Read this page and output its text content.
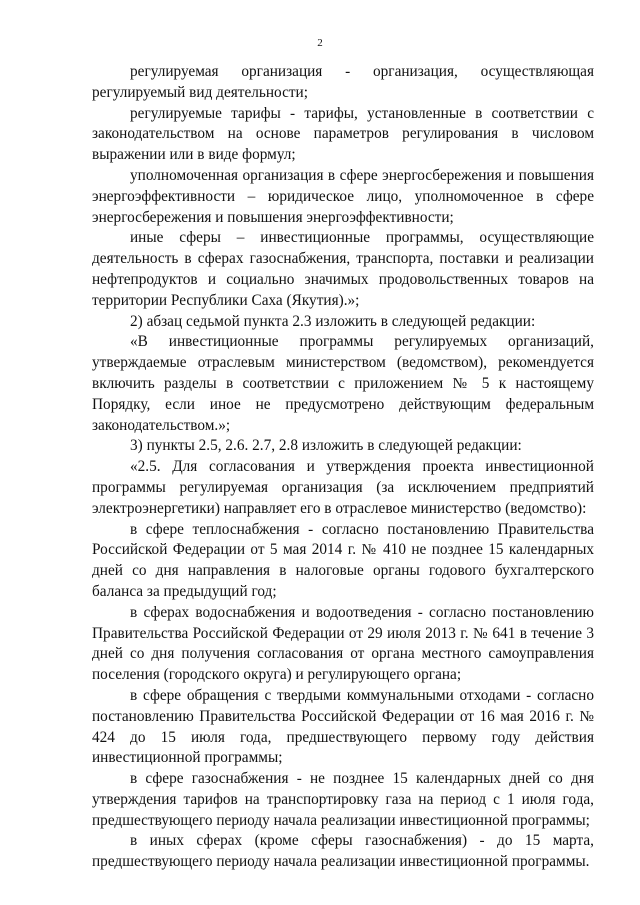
2

регулируемая организация - организация, осуществляющая регулируемый вид деятельности;

регулируемые тарифы - тарифы, установленные в соответствии с законодательством на основе параметров регулирования в числовом выражении или в виде формул;

уполномоченная организация в сфере энергосбережения и повышения энергоэффективности – юридическое лицо, уполномоченное в сфере энергосбережения и повышения энергоэффективности;

иные сферы – инвестиционные программы, осуществляющие деятельность в сферах газоснабжения, транспорта, поставки и реализации нефтепродуктов и социально значимых продовольственных товаров на территории Республики Саха (Якутия).»;

2) абзац седьмой пункта 2.3 изложить в следующей редакции:

«В инвестиционные программы регулируемых организаций, утверждаемые отраслевым министерством (ведомством), рекомендуется включить разделы в соответствии с приложением № 5 к настоящему Порядку, если иное не предусмотрено действующим федеральным законодательством.»;

3) пункты 2.5, 2.6. 2.7, 2.8 изложить в следующей редакции:

«2.5. Для согласования и утверждения проекта инвестиционной программы регулируемая организация (за исключением предприятий электроэнергетики) направляет его в отраслевое министерство (ведомство):

в сфере теплоснабжения - согласно постановлению Правительства Российской Федерации от 5 мая 2014 г. № 410 не позднее 15 календарных дней со дня направления в налоговые органы годового бухгалтерского баланса за предыдущий год;

в сферах водоснабжения и водоотведения - согласно постановлению Правительства Российской Федерации от 29 июля 2013 г. № 641 в течение 3 дней со дня получения согласования от органа местного самоуправления поселения (городского округа) и регулирующего органа;

в сфере обращения с твердыми коммунальными отходами - согласно постановлению Правительства Российской Федерации от 16 мая 2016 г. № 424 до 15 июля года, предшествующего первому году действия инвестиционной программы;

в сфере газоснабжения - не позднее 15 календарных дней со дня утверждения тарифов на транспортировку газа на период с 1 июля года, предшествующего периоду начала реализации инвестиционной программы;

в иных сферах (кроме сферы газоснабжения) - до 15 марта, предшествующего периоду начала реализации инвестиционной программы.
